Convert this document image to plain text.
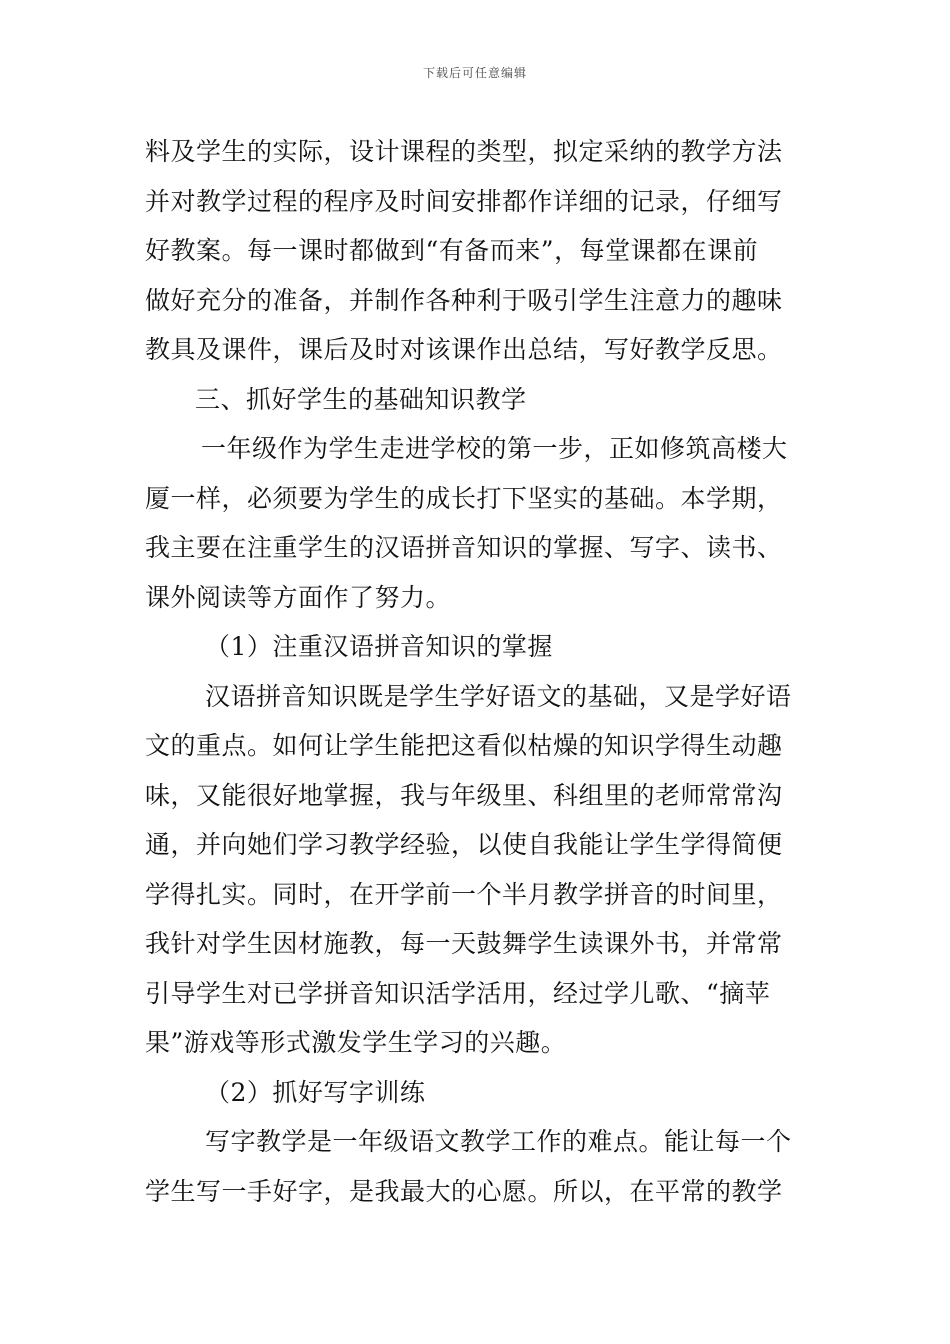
下载后可任意编辑
料及学生的实际，设计课程的类型，拟定采纳的教学方法
并对教学过程的程序及时间安排都作详细的记录，仔细写
好教案。每一课时都做到“有备而来”，每堂课都在课前
做好充分的准备，并制作各种利于吸引学生注意力的趣味
教具及课件，课后及时对该课作出总结，写好教学反思。
三、抓好学生的基础知识教学
一年级作为学生走进学校的第一步，正如修筑高楼大
厦一样，必须要为学生的成长打下坚实的基础。本学期，
我主要在注重学生的汉语拼音知识的掌握、写字、读书、
课外阅读等方面作了努力。
（1）注重汉语拼音知识的掌握
汉语拼音知识既是学生学好语文的基础，又是学好语
文的重点。如何让学生能把这看似枯燥的知识学得生动趣
味，又能很好地掌握，我与年级里、科组里的老师常常沟
通，并向她们学习教学经验，以使自我能让学生学得简便
学得扎实。同时，在开学前一个半月教学拼音的时间里，
我针对学生因材施教，每一天鼓舞学生读课外书，并常常
引导学生对已学拼音知识活学活用，经过学儿歌、“摘苹
果”游戏等形式激发学生学习的兴趣。
（2）抓好写字训练
写字教学是一年级语文教学工作的难点。能让每一个
学生写一手好字，是我最大的心愿。所以，在平常的教学
